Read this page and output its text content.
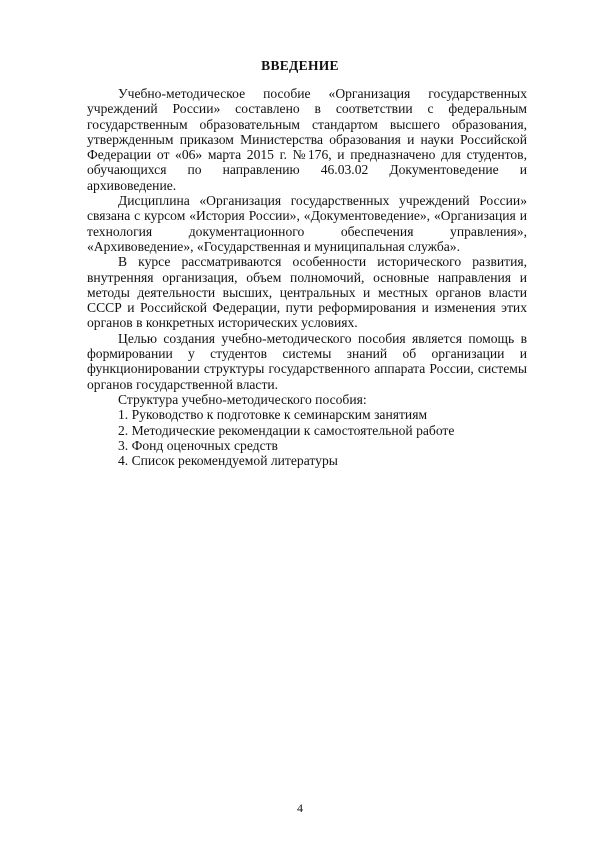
ВВЕДЕНИЕ

Учебно-методическое пособие «Организация государственных учреждений России» составлено в соответствии с федеральным государственным образовательным стандартом высшего образования, утвержденным приказом Министерства образования и науки Российской Федерации от «06» марта 2015 г. №176, и предназначено для студентов, обучающихся по направлению 46.03.02 Документоведение и архивоведение.

Дисциплина «Организация государственных учреждений России» связана с курсом «История России», «Документоведение», «Организация и технология документационного обеспечения управления», «Архивоведение», «Государственная и муниципальная служба».

В курсе рассматриваются особенности исторического развития, внутренняя организация, объем полномочий, основные направления и методы деятельности высших, центральных и местных органов власти СССР и Российской Федерации, пути реформирования и изменения этих органов в конкретных исторических условиях.

Целью создания учебно-методического пособия является помощь в формировании у студентов системы знаний об организации и функционировании структуры государственного аппарата России, системы органов государственной власти.

Структура учебно-методического пособия:

1. Руководство к подготовке к семинарским занятиям
2. Методические рекомендации к самостоятельной работе
3. Фонд оценочных средств
4. Список рекомендуемой литературы

4
